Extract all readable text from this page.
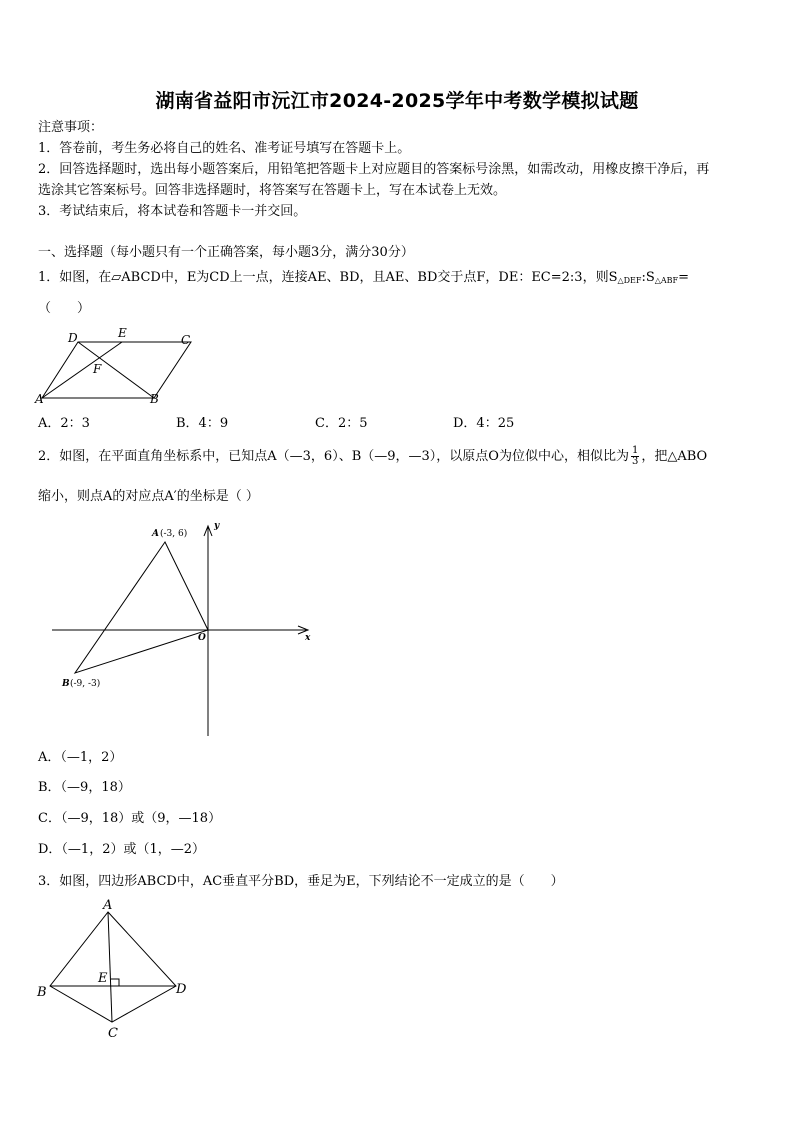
湖南省益阳市沅江市2024-2025学年中考数学模拟试题
注意事项：
1．答卷前，考生务必将自己的姓名、准考证号填写在答题卡上。
2．回答选择题时，选出每小题答案后，用铅笔把答题卡上对应题目的答案标号涂黑，如需改动，用橡皮擦干净后，再
选涂其它答案标号。回答非选择题时，将答案写在答题卡上，写在本试卷上无效。
3．考试结束后，将本试卷和答题卡一并交回。
一、选择题（每小题只有一个正确答案，每小题3分，满分30分）
1．如图，在▱ABCD中，E为CD上一点，连接AE、BD，且AE、BD交于点F，DE：EC=2:3，则$S_{\triangle DEF}:S_{\triangle ABF}=$
（　　）
D	E	C
F
A	B
A．2：3	B．4：9	C．2：5	D．4：25
2．如图，在平面直角坐标系中，已知点A（—3，6）、B（—9，—3），以原点O为位似中心，相似比为 $\frac{1}{3}$ ，把△ABO
缩小，则点A的对应点A′的坐标是（ ）
A (-3, 6)
B (-9, -3)
O	x
y
A．（—1，2）
B．（—9，18）
C．（—9，18）或（9，—18）
D．（—1，2）或（1，—2）
3．如图，四边形ABCD中，AC垂直平分BD，垂足为E，下列结论不一定成立的是（　　）
A
B	D
C
E
